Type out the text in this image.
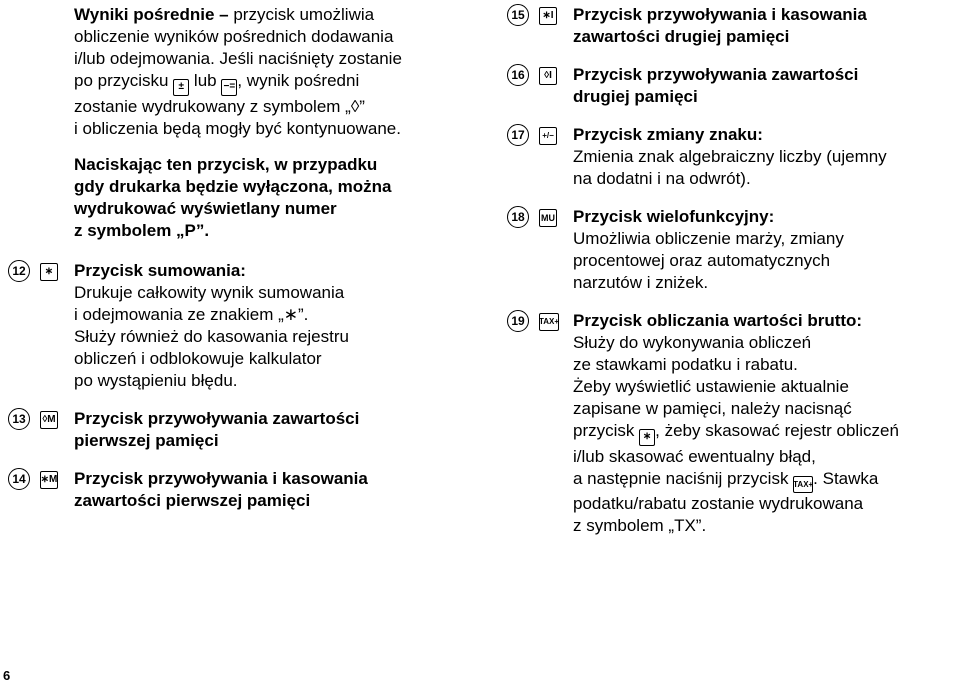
Wyniki pośrednie – przycisk umożliwia
obliczenie wyników pośrednich dodawania
i/lub odejmowania. Jeśli naciśnięty zostanie
po przycisku ± lub −= , wynik pośredni
zostanie wydrukowany z symbolem „◊”
i obliczenia będą mogły być kontynuowane.
Naciskając ten przycisk, w przypadku
gdy drukarka będzie wyłączona, można
wydrukować wyświetlany numer
z symbolem „P”.
12	∗ Przycisk sumowania:
Drukuje całkowity wynik sumowania
i odejmowania ze znakiem „∗”.
Służy również do kasowania rejestru
obliczeń i odblokowuje kalkulator
po wystąpieniu błędu.
13	◊M Przycisk przywoływania zawartości
pierwszej pamięci
14	∗M Przycisk przywoływania i kasowania
zawartości pierwszej pamięci
15	∗I Przycisk przywoływania i kasowania
zawartości drugiej pamięci
16	◊I	Przycisk przywoływania zawartości
drugiej pamięci
17	+/− Przycisk zmiany znaku:
Zmienia znak algebraiczny liczby (ujemny
na dodatni i na odwrót).
18	MU Przycisk wielofunkcyjny:
Umożliwia obliczenie marży, zmiany
procentowej oraz automatycznych
narzutów i zniżek.
19	TAX+ Przycisk obliczania wartości brutto:
Służy do wykonywania obliczeń
ze stawkami podatku i rabatu.
Żeby wyświetlić ustawienie aktualnie
zapisane w pamięci, należy nacisnąć
przycisk ∗ , żeby skasować rejestr obliczeń
i/lub skasować ewentualny błąd,
a następnie naciśnij przycisk TAX+. Stawka
podatku/rabatu zostanie wydrukowana
z symbolem „TX”.
6
